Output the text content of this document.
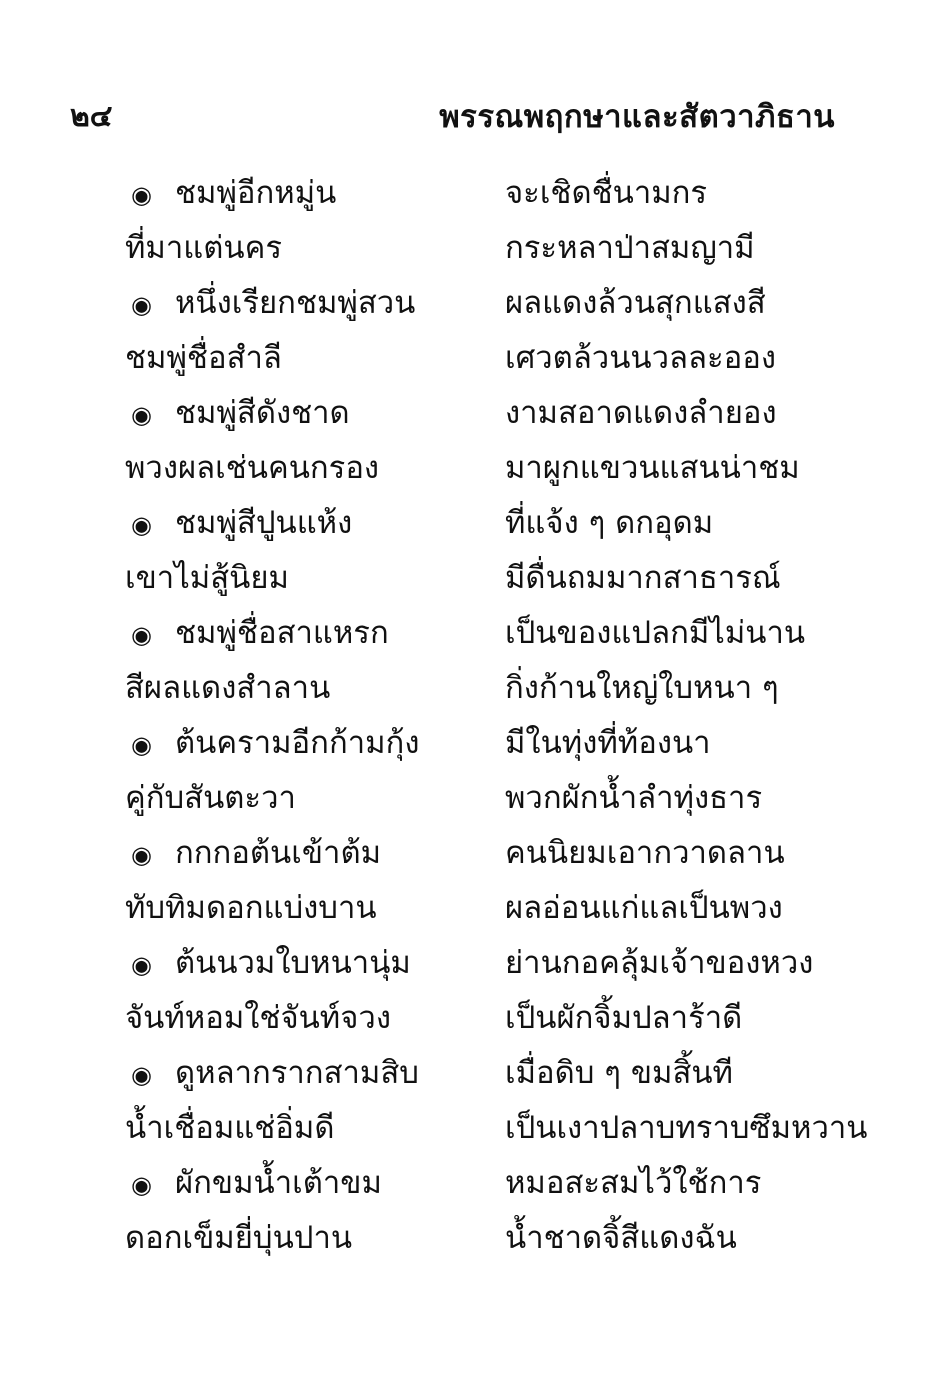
๒๔	พรรณพฤกษาและสัตวาภิธาน
◉ ชมพู่อีกหมู่น	จะเชิดชื่นามกร
ที่มาแต่นคร	กระหลาป่าสมญามี
◉ หนึ่งเรียกชมพู่สวน	ผลแดงล้วนสุกแสงสี
ชมพู่ชื่อสำลี	เศวตล้วนนวลละออง
◉ ชมพู่สีดังชาด	งามสอาดแดงลำยอง
พวงผลเช่นคนกรอง	มาผูกแขวนแสนน่าชม
◉ ชมพู่สีปูนแห้ง	ที่แจ้ง ๆ ดกอุดม
เขาไม่สู้นิยม	มีดื่นถมมากสาธารณ์
◉ ชมพู่ชื่อสาแหรก	เป็นของแปลกมีไม่นาน
สีผลแดงสำลาน	กิ่งก้านใหญ่ใบหนา ๆ
◉ ต้นครามอีกก้ามกุ้ง	มีในทุ่งที่ท้องนา
คู่กับสันตะวา	พวกผักน้ำลำทุ่งธาร
◉ กกกอต้นเข้าต้ม	คนนิยมเอากวาดลาน
ทับทิมดอกแบ่งบาน	ผลอ่อนแก่แลเป็นพวง
◉ ต้นนวมใบหนานุ่ม	ย่านกอคลุ้มเจ้าของหวง
จันท์หอมใช่จันท์จวง	เป็นผักจิ้มปลาร้าดี
◉ ดูหลากรากสามสิบ	เมื่อดิบ ๆ ขมสิ้นที
น้ำเชื่อมแช่อิ่มดี	เป็นเงาปลาบทราบซึมหวาน
◉ ผักขมน้ำเต้าขม	หมอสะสมไว้ใช้การ
ดอกเข็มยี่บุ่นปาน	น้ำชาดจิ้สีแดงฉัน
